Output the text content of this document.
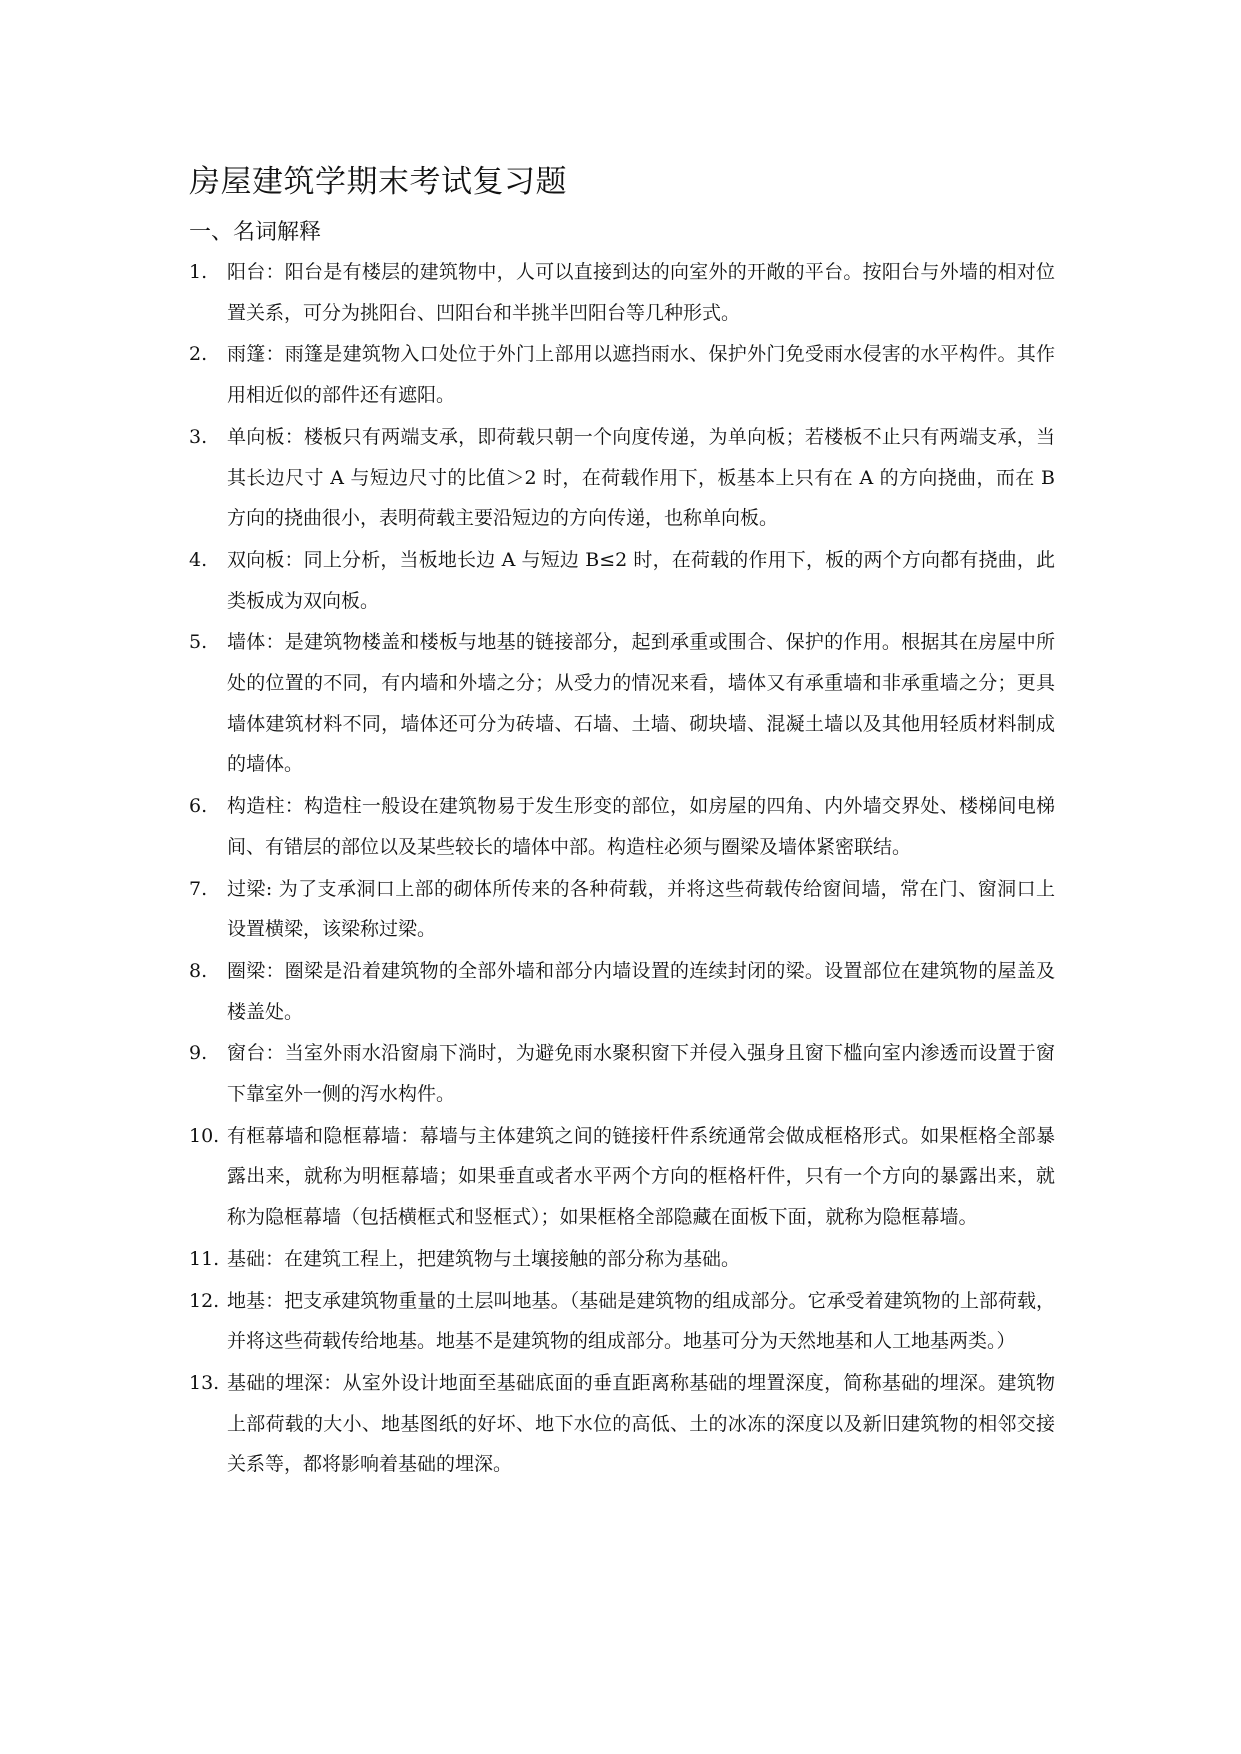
房屋建筑学期末考试复习题
一、名词解释
1.	阳台：阳台是有楼层的建筑物中，人可以直接到达的向室外的开敞的平台。按阳台与外墙的相对位置关系，可分为挑阳台、凹阳台和半挑半凹阳台等几种形式。
2.	雨篷：雨篷是建筑物入口处位于外门上部用以遮挡雨水、保护外门免受雨水侵害的水平构件。其作用相近似的部件还有遮阳。
3.	单向板：楼板只有两端支承，即荷载只朝一个向度传递，为单向板；若楼板不止只有两端支承，当其长边尺寸 A 与短边尺寸的比值＞2 时，在荷载作用下，板基本上只有在 A 的方向挠曲，而在 B 方向的挠曲很小，表明荷载主要沿短边的方向传递，也称单向板。
4.	双向板：同上分析，当板地长边 A 与短边 B≤2 时，在荷载的作用下，板的两个方向都有挠曲，此类板成为双向板。
5.	墙体：是建筑物楼盖和楼板与地基的链接部分，起到承重或围合、保护的作用。根据其在房屋中所处的位置的不同，有内墙和外墙之分；从受力的情况来看，墙体又有承重墙和非承重墙之分；更具墙体建筑材料不同，墙体还可分为砖墙、石墙、土墙、砌块墙、混凝土墙以及其他用轻质材料制成的墙体。
6.	构造柱：构造柱一般设在建筑物易于发生形变的部位，如房屋的四角、内外墙交界处、楼梯间电梯间、有错层的部位以及某些较长的墙体中部。构造柱必须与圈梁及墙体紧密联结。
7.	过梁: 为了支承洞口上部的砌体所传来的各种荷载，并将这些荷载传给窗间墙，常在门、窗洞口上设置横梁，该梁称过梁。
8.	圈梁：圈梁是沿着建筑物的全部外墙和部分内墙设置的连续封闭的梁。设置部位在建筑物的屋盖及楼盖处。
9.	窗台：当室外雨水沿窗扇下淌时，为避免雨水聚积窗下并侵入强身且窗下槛向室内渗透而设置于窗下靠室外一侧的泻水构件。
10. 有框幕墙和隐框幕墙：幕墙与主体建筑之间的链接杆件系统通常会做成框格形式。如果框格全部暴露出来，就称为明框幕墙；如果垂直或者水平两个方向的框格杆件，只有一个方向的暴露出来，就称为隐框幕墙（包括横框式和竖框式）；如果框格全部隐藏在面板下面，就称为隐框幕墙。
11. 基础：在建筑工程上，把建筑物与土壤接触的部分称为基础。
12. 地基：把支承建筑物重量的土层叫地基。（基础是建筑物的组成部分。它承受着建筑物的上部荷载，并将这些荷载传给地基。地基不是建筑物的组成部分。地基可分为天然地基和人工地基两类。）
13. 基础的埋深：从室外设计地面至基础底面的垂直距离称基础的埋置深度，简称基础的埋深。建筑物上部荷载的大小、地基图纸的好坏、地下水位的高低、土的冰冻的深度以及新旧建筑物的相邻交接关系等，都将影响着基础的埋深。
